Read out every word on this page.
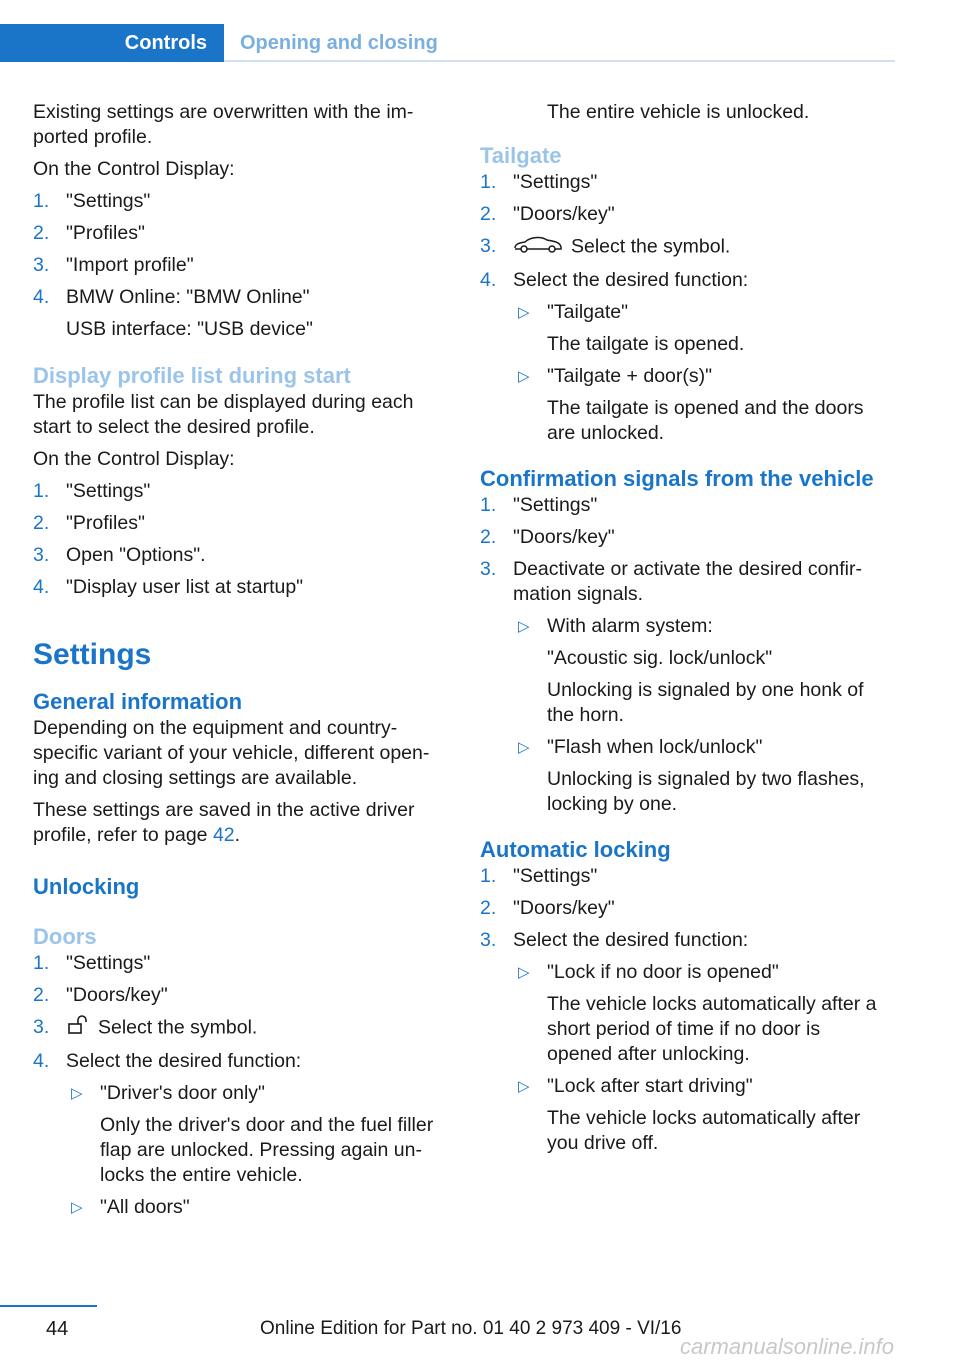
Controls	Opening and closing

Existing settings are overwritten with the im-ported profile.

On the Control Display:

1. "Settings"
2. "Profiles"
3. "Import profile"
4. BMW Online: "BMW Online"
USB interface: "USB device"
Display profile list during start

The profile list can be displayed during each start to select the desired profile.

On the Control Display:

1. "Settings"
2. "Profiles"
3. Open "Options".
4. "Display user list at startup"
Settings
General information

Depending on the equipment and country-specific variant of your vehicle, different open-ing and closing settings are available.

These settings are saved in the active driver profile, refer to page 42.

Unlocking
Doors
1. "Settings"
2. "Doors/key"
3. Select the symbol.
4. Select the desired function:
▷ "Driver's door only"
Only the driver's door and the fuel filler flap are unlocked. Pressing again un-locks the entire vehicle.
▷ "All doors"

The entire vehicle is unlocked.

Tailgate
1. "Settings"
2. "Doors/key"
3.	Select the symbol.
4. Select the desired function:
▷ "Tailgate"
The tailgate is opened.
▷ "Tailgate + door(s)"
The tailgate is opened and the doors are unlocked.
Confirmation signals from the vehicle
1. "Settings"
2. "Doors/key"
3. Deactivate or activate the desired confir-mation signals.
▷ With alarm system:
"Acoustic sig. lock/unlock"
Unlocking is signaled by one honk of the horn.
▷ "Flash when lock/unlock"
Unlocking is signaled by two flashes, locking by one.
Automatic locking
1. "Settings"
2. "Doors/key"
3. Select the desired function:
▷ "Lock if no door is opened"
The vehicle locks automatically after a short period of time if no door is opened after unlocking.
▷ "Lock after start driving"
The vehicle locks automatically after you drive off.
44	Online Edition for Part no. 01 40 2 973 409 - VI/16
carmanualsonline.info
